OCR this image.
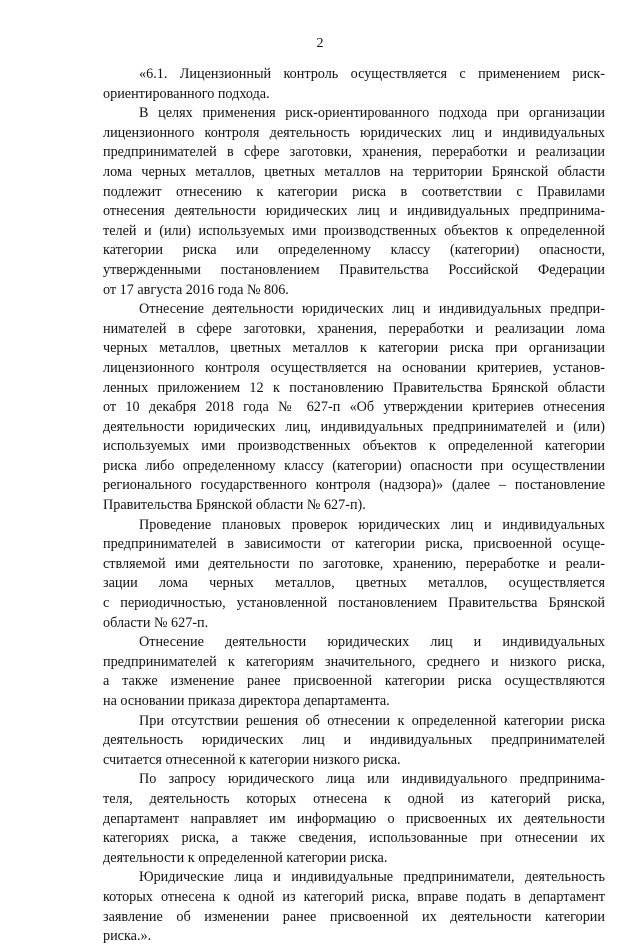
2

«6.1. Лицензионный контроль осуществляется с применением риск-
ориентированного подхода.

В целях применения риск-ориентированного подхода при организации
лицензионного контроля деятельность юридических лиц и индивидуальных
предпринимателей в сфере заготовки, хранения, переработки и реализации
лома черных металлов, цветных металлов на территории Брянской области
подлежит отнесению к категории риска в соответствии с Правилами
отнесения деятельности юридических лиц и индивидуальных предпринима-
телей и (или) используемых ими производственных объектов к определенной
категории риска или определенному классу (категории) опасности,
утвержденными постановлением Правительства Российской Федерации
от 17 августа 2016 года № 806.

Отнесение деятельности юридических лиц и индивидуальных предпри-
нимателей в сфере заготовки, хранения, переработки и реализации лома
черных металлов, цветных металлов к категории риска при организации
лицензионного контроля осуществляется на основании критериев, установ-
ленных приложением 12 к постановлению Правительства Брянской области
от 10 декабря 2018 года № 627-п «Об утверждении критериев отнесения
деятельности юридических лиц, индивидуальных предпринимателей и (или)
используемых ими производственных объектов к определенной категории
риска либо определенному классу (категории) опасности при осуществлении
регионального государственного контроля (надзора)» (далее – постановление
Правительства Брянской области № 627-п).

Проведение плановых проверок юридических лиц и индивидуальных
предпринимателей в зависимости от категории риска, присвоенной осуще-
ствляемой ими деятельности по заготовке, хранению, переработке и реали-
зации лома черных металлов, цветных металлов, осуществляется
с периодичностью, установленной постановлением Правительства Брянской
области № 627-п.

Отнесение деятельности юридических лиц и индивидуальных
предпринимателей к категориям значительного, среднего и низкого риска,
а также изменение ранее присвоенной категории риска осуществляются
на основании приказа директора департамента.

При отсутствии решения об отнесении к определенной категории риска
деятельность юридических лиц и индивидуальных предпринимателей
считается отнесенной к категории низкого риска.

По запросу юридического лица или индивидуального предпринима-
теля, деятельность которых отнесена к одной из категорий риска,
департамент направляет им информацию о присвоенных их деятельности
категориях риска, а также сведения, использованные при отнесении их
деятельности к определенной категории риска.

Юридические лица и индивидуальные предприниматели, деятельность
которых отнесена к одной из категорий риска, вправе подать в департамент
заявление об изменении ранее присвоенной их деятельности категории
риска.».
